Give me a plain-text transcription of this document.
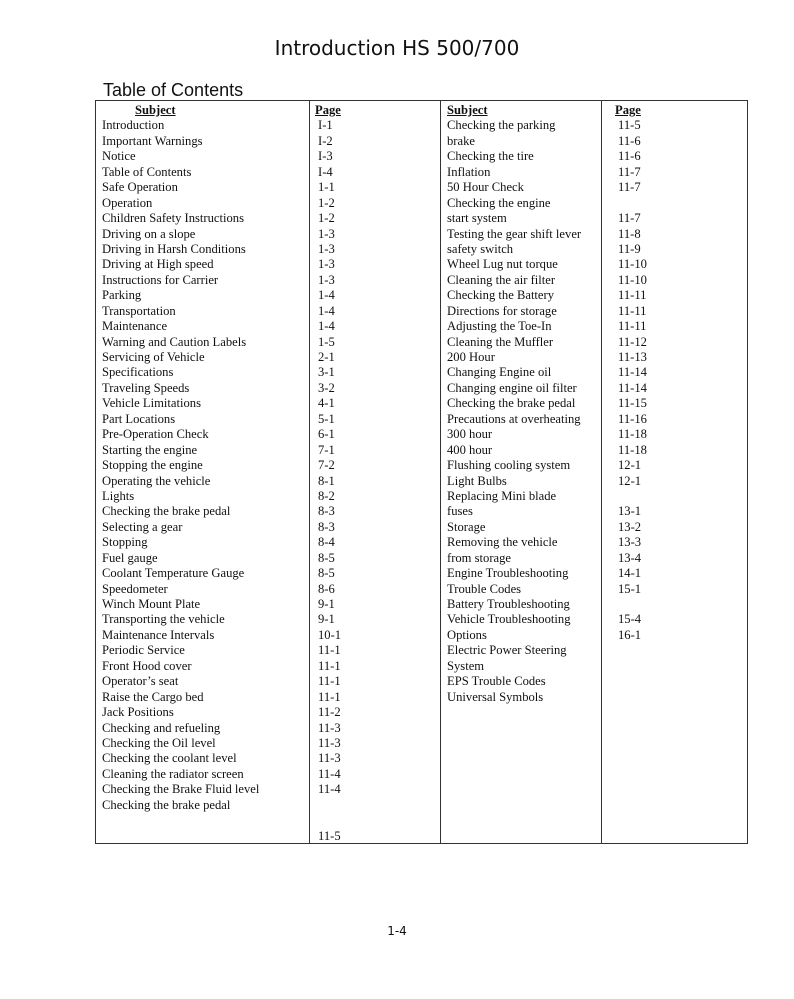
Introduction HS 500/700
Table of Contents
Subject
Introduction
Important Warnings
Notice
Table of Contents
Safe Operation
Operation
Children Safety Instructions
Driving on a slope
Driving in Harsh Conditions
Driving at High speed
Instructions for Carrier
Parking
Transportation
Maintenance
Warning and Caution Labels
Servicing of Vehicle
Specifications
Traveling Speeds
Vehicle Limitations
Part Locations
Pre-Operation Check
Starting the engine
Stopping the engine
Operating the vehicle
Lights
Checking the brake pedal
Selecting a gear
Stopping
Fuel gauge
Coolant Temperature Gauge
Speedometer
Winch Mount Plate
Transporting the vehicle
Maintenance Intervals
Periodic Service
Front Hood cover
Operator’s seat
Raise the Cargo bed
Jack Positions
Checking and refueling
Checking the Oil level
Checking the coolant level
Cleaning the radiator screen
Checking the Brake Fluid level
Checking the brake pedal
Page
I-1
I-2
I-3
I-4
1-1
1-2
1-2
1-3
1-3
1-3
1-3
1-4
1-4
1-4
1-5
2-1
3-1
3-2
4-1
5-1
6-1
7-1
7-2
8-1
8-2
8-3
8-3
8-4
8-5
8-5
8-6
9-1
9-1
10-1
11-1
11-1
11-1
11-1
11-2
11-3
11-3
11-3
11-4
11-4
11-5
Subject
Checking the parking
brake
Checking the tire
Inflation
50 Hour Check
Checking the engine
start system
Testing the gear shift lever
safety switch
Wheel Lug nut torque
Cleaning the air filter
Checking the Battery
Directions for storage
Adjusting the Toe-In
Cleaning the Muffler
200 Hour
Changing Engine oil
Changing engine oil filter
Checking the brake pedal
Precautions at overheating
300 hour
400 hour
Flushing cooling system
Light Bulbs
Replacing Mini blade
fuses
Storage
Removing the vehicle
from storage
Engine Troubleshooting
Trouble Codes
Battery Troubleshooting
Vehicle Troubleshooting
Options
Electric Power Steering
System
EPS Trouble Codes
Universal Symbols
Page
11-5
11-6
11-6
11-7
11-7
11-7
11-8
11-9
11-10
11-10
11-11
11-11
11-11
11-12
11-13
11-14
11-14
11-15
11-16
11-18
11-18
12-1
12-1
13-1
13-2
13-3
13-4
14-1
15-1
15-4
16-1
1-4
